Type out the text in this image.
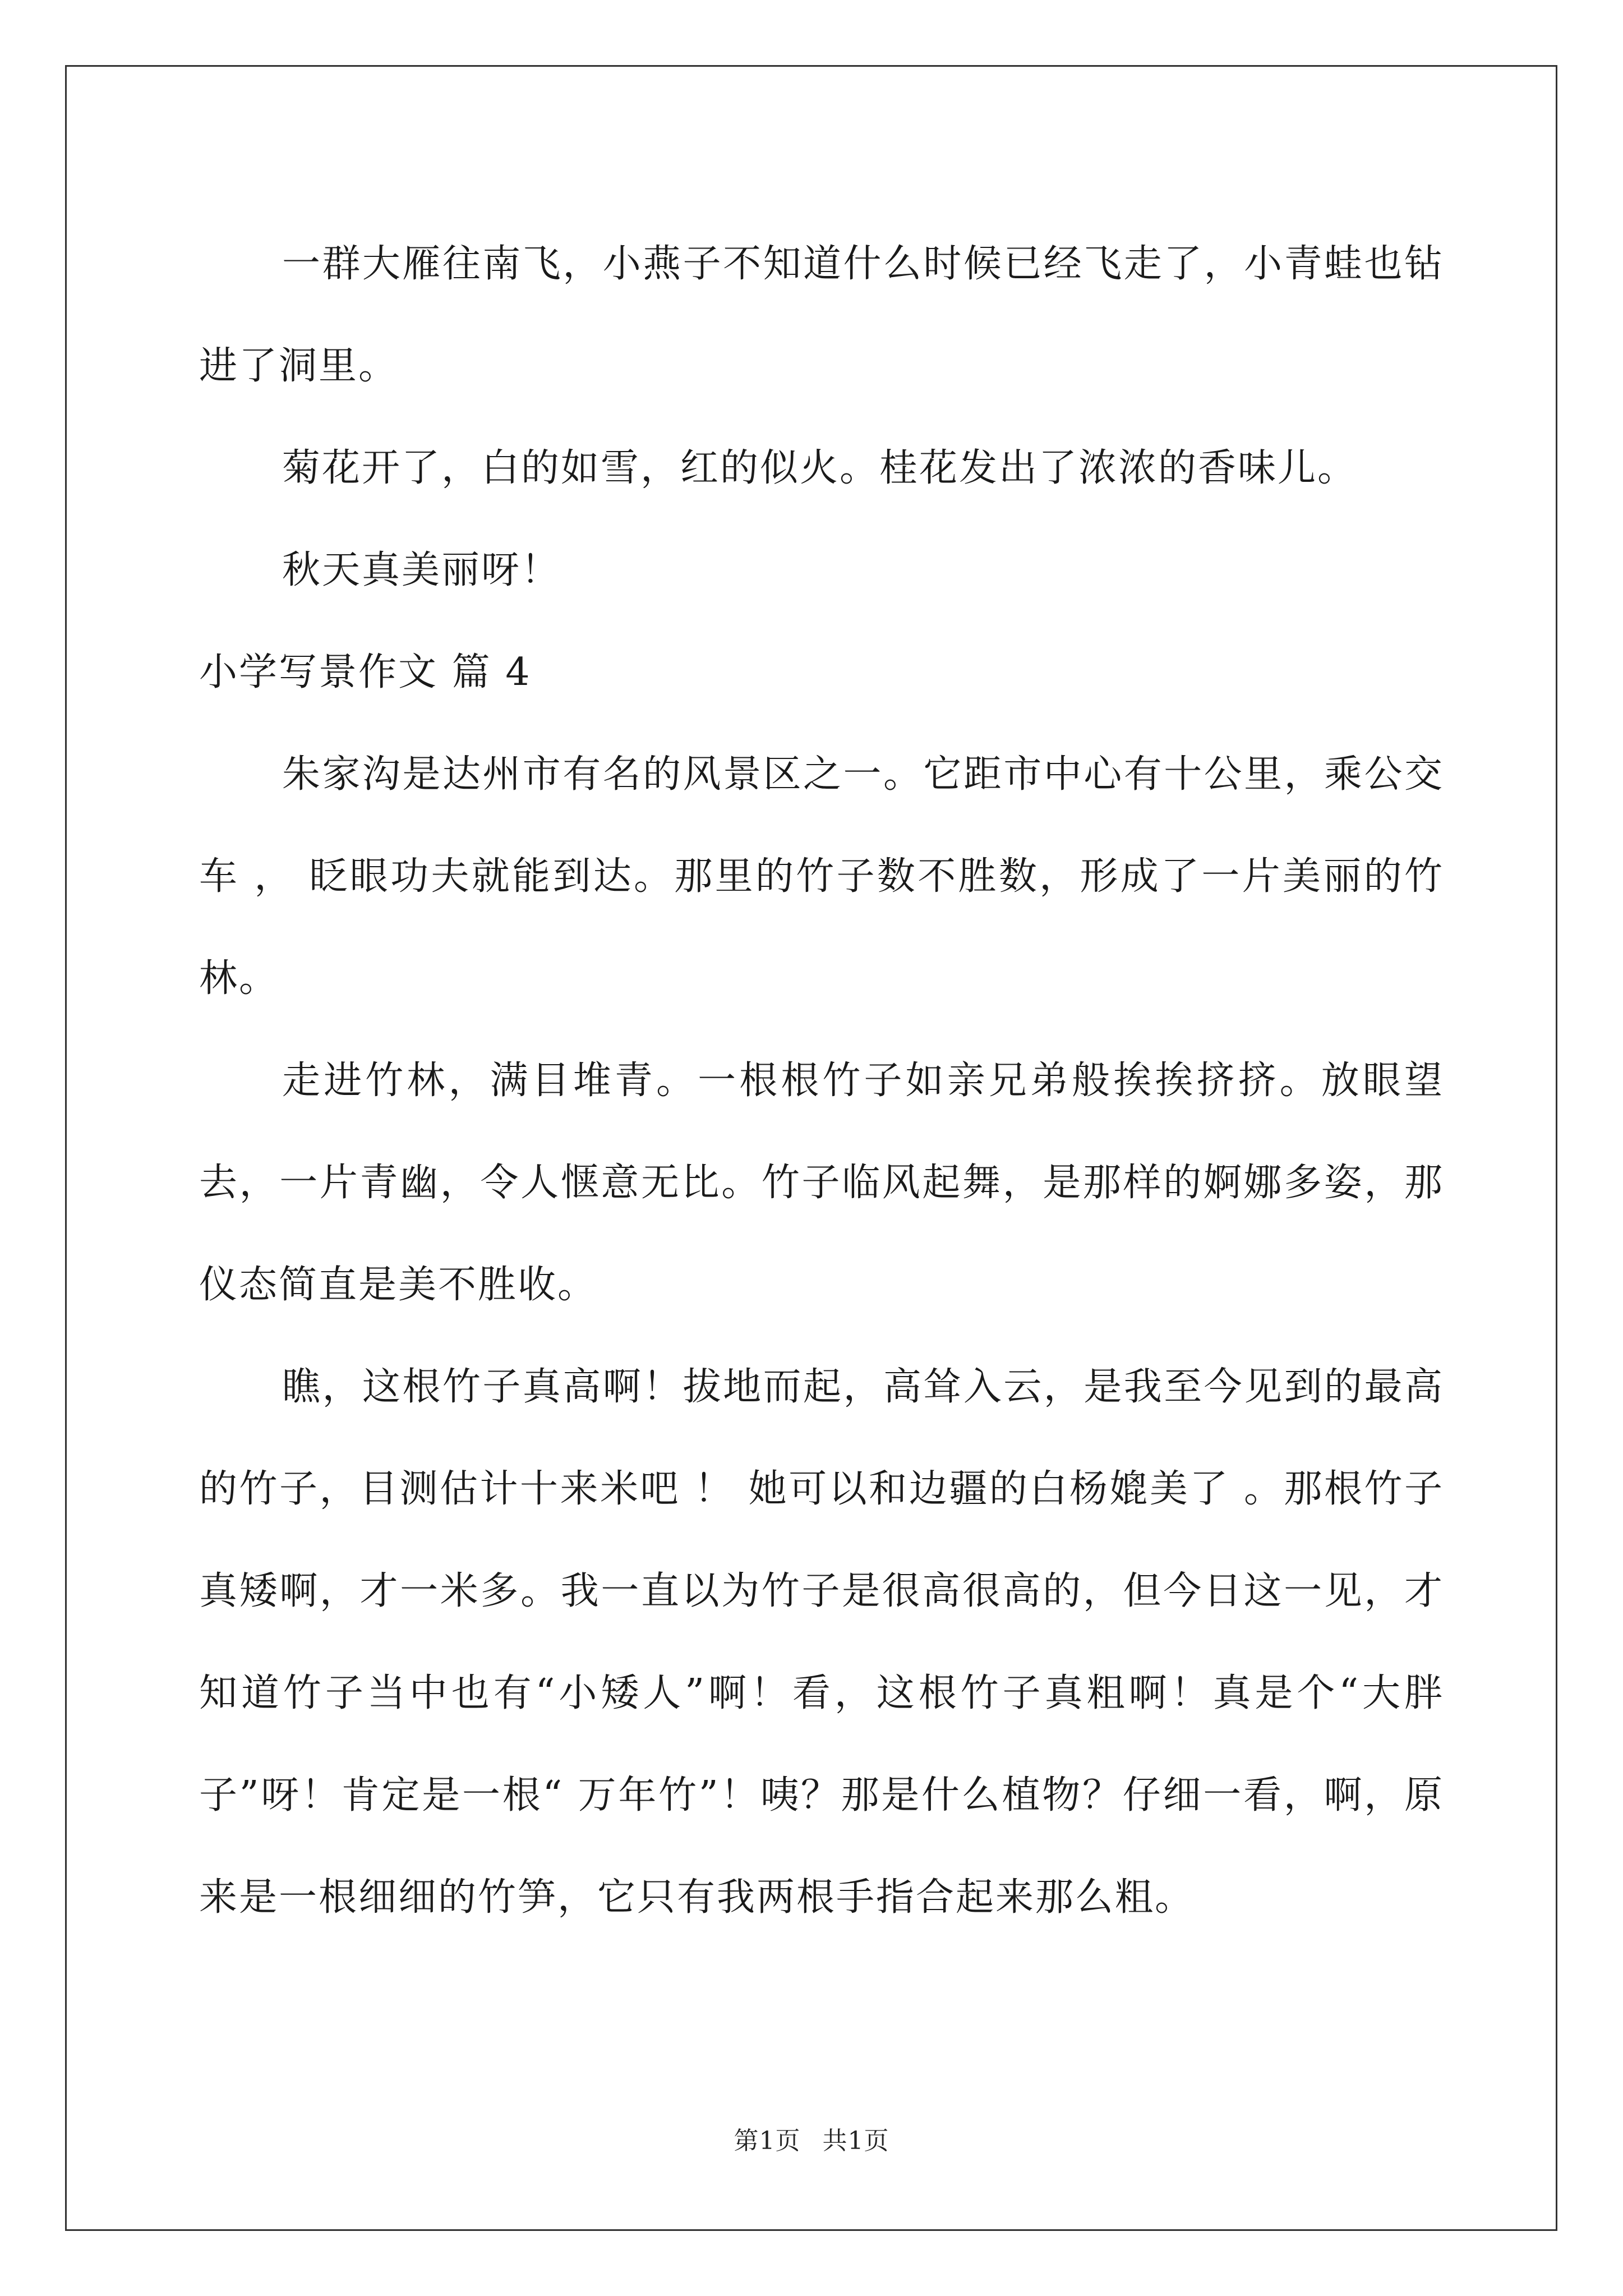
一群大雁往南飞，小燕子不知道什么时候已经飞走了，小青蛙也钻进了洞里。

菊花开了，白的如雪，红的似火。桂花发出了浓浓的香味儿。

秋天真美丽呀！

小学写景作文 篇 4

朱家沟是达州市有名的风景区之一。它距市中心有十公里，乘公交车 ， 眨眼功夫就能到达。那里的竹子数不胜数，形成了一片美丽的竹林。

走进竹林，满目堆青。一根根竹子如亲兄弟般挨挨挤挤。放眼望去，一片青幽，令人惬意无比。竹子临风起舞，是那样的婀娜多姿，那仪态简直是美不胜收。

瞧，这根竹子真高啊！拔地而起，高耸入云，是我至今见到的最高的竹子，目测估计十来米吧 ！ 她可以和边疆的白杨媲美了 。那根竹子真矮啊，才一米多。我一直以为竹子是很高很高的，但今日这一见，才知道竹子当中也有“小矮人”啊！看，这根竹子真粗啊！真是个“大胖子”呀！肯定是一根“ 万年竹”！咦？那是什么植物？仔细一看，啊，原来是一根细细的竹笋，它只有我两根手指合起来那么粗。

第1页 共1页
